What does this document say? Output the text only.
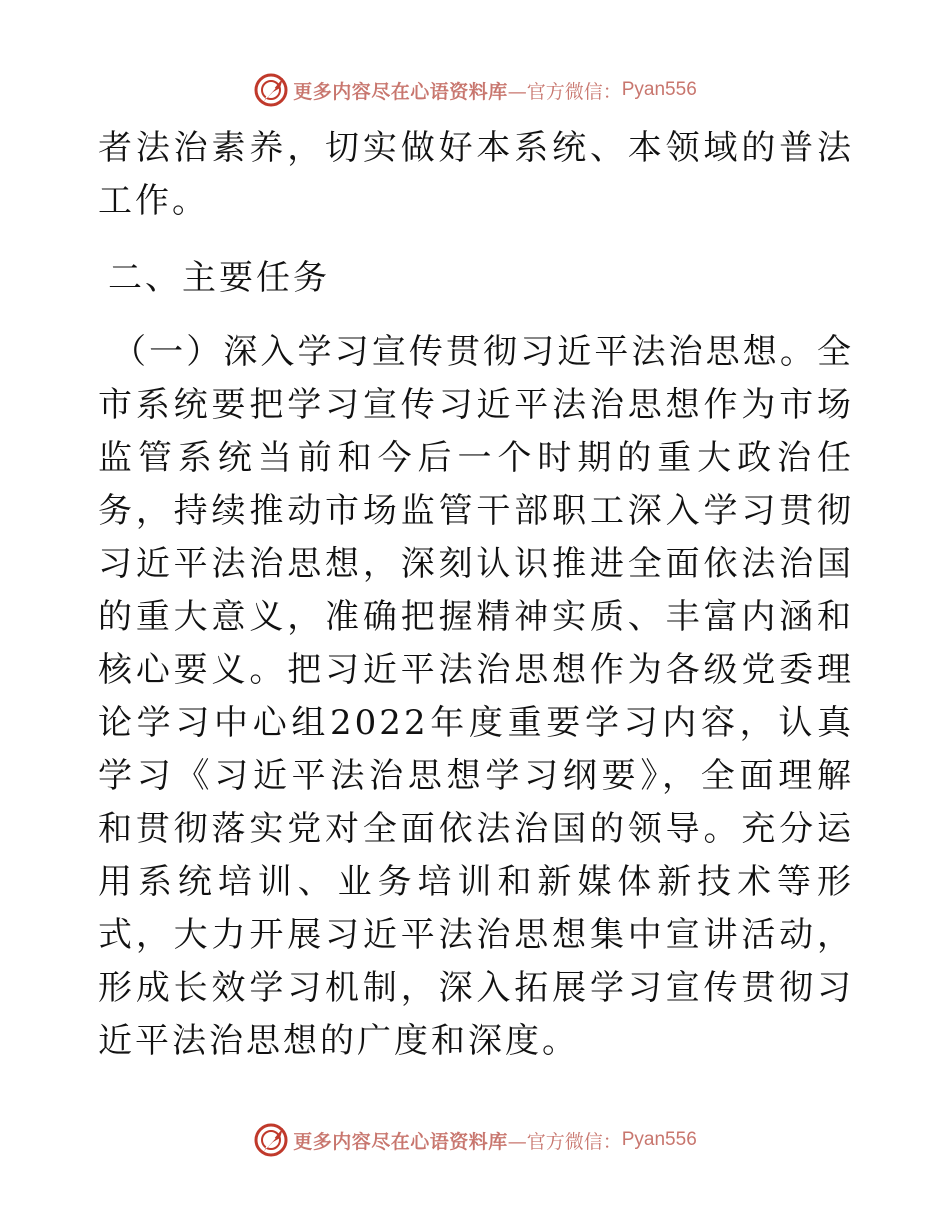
更多内容尽在心语资料库 —官方微信： Pyan556

者法治素养，切实做好本系统、本领域的普法工作。

二、主要任务

（一）深入学习宣传贯彻习近平法治思想。全市系统要把学习宣传习近平法治思想作为市场监管系统当前和今后一个时期的重大政治任务，持续推动市场监管干部职工深入学习贯彻习近平法治思想，深刻认识推进全面依法治国的重大意义，准确把握精神实质、丰富内涵和核心要义。把习近平法治思想作为各级党委理论学习中心组2022年度重要学习内容，认真学习《习近平法治思想学习纲要》，全面理解和贯彻落实党对全面依法治国的领导。充分运用系统培训、业务培训和新媒体新技术等形式，大力开展习近平法治思想集中宣讲活动，形成长效学习机制，深入拓展学习宣传贯彻习近平法治思想的广度和深度。

更多内容尽在心语资料库 —官方微信： Pyan556
